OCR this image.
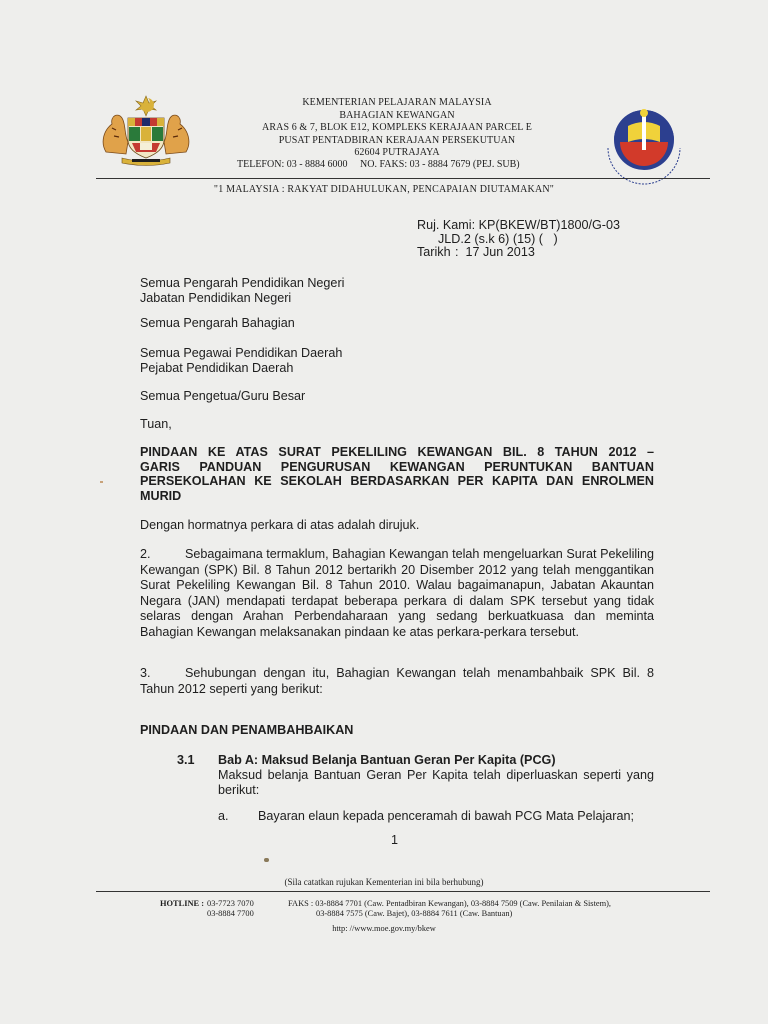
KEMENTERIAN PELAJARAN MALAYSIA
BAHAGIAN KEWANGAN
ARAS 6 & 7, BLOK E12, KOMPLEKS KERAJAAN PARCEL E
PUSAT PENTADBIRAN KERAJAAN PERSEKUTUAN
62604 PUTRAJAYA
TELEFON: 03 - 8884 6000     NO. FAKS: 03 - 8884 7679 (PEJ. SUB)
"1 MALAYSIA : RAKYAT DIDAHULUKAN, PENCAPAIAN DIUTAMAKAN"
Ruj. Kami: KP(BKEW/BT)1800/G-03
JLD.2 (s.k 6) (15) (   )
Tarikh :  17 Jun 2013
Semua Pengarah Pendidikan Negeri
Jabatan Pendidikan Negeri
Semua Pengarah Bahagian
Semua Pegawai Pendidikan Daerah
Pejabat Pendidikan Daerah
Semua Pengetua/Guru Besar
Tuan,
PINDAAN KE ATAS SURAT PEKELILING KEWANGAN BIL. 8 TAHUN 2012 –
GARIS PANDUAN PENGURUSAN KEWANGAN PERUNTUKAN BANTUAN
PERSEKOLAHAN KE SEKOLAH BERDASARKAN PER KAPITA DAN ENROLMEN
MURID
Dengan hormatnya perkara di atas adalah dirujuk.
2.	Sebagaimana termaklum, Bahagian Kewangan telah mengeluarkan Surat Pekeliling Kewangan (SPK) Bil. 8 Tahun 2012 bertarikh 20 Disember 2012 yang telah menggantikan Surat Pekeliling Kewangan Bil. 8 Tahun 2010. Walau bagaimanapun, Jabatan Akauntan Negara (JAN) mendapati terdapat beberapa perkara di dalam SPK tersebut yang tidak selaras dengan Arahan Perbendaharaan yang sedang berkuatkuasa dan meminta Bahagian Kewangan melaksanakan pindaan ke atas perkara-perkara tersebut.
3.	Sehubungan dengan itu, Bahagian Kewangan telah menambahbaik SPK Bil. 8 Tahun 2012 seperti yang berikut:
PINDAAN DAN PENAMBAHBAIKAN
3.1 Bab A: Maksud Belanja Bantuan Geran Per Kapita (PCG)
Maksud belanja Bantuan Geran Per Kapita telah diperluaskan seperti yang berikut:
a. Bayaran elaun kepada penceramah di bawah PCG Mata Pelajaran;
1
(Sila catatkan rujukan Kementerian ini bila berhubung)
HOTLINE : 03-7723 7070
03-8884 7700
FAKS : 03-8884 7701 (Caw. Pentadbiran Kewangan), 03-8884 7509 (Caw. Penilaian & Sistem),
03-8884 7575 (Caw. Bajet), 03-8884 7611 (Caw. Bantuan)
http: //www.moe.gov.my/bkew
